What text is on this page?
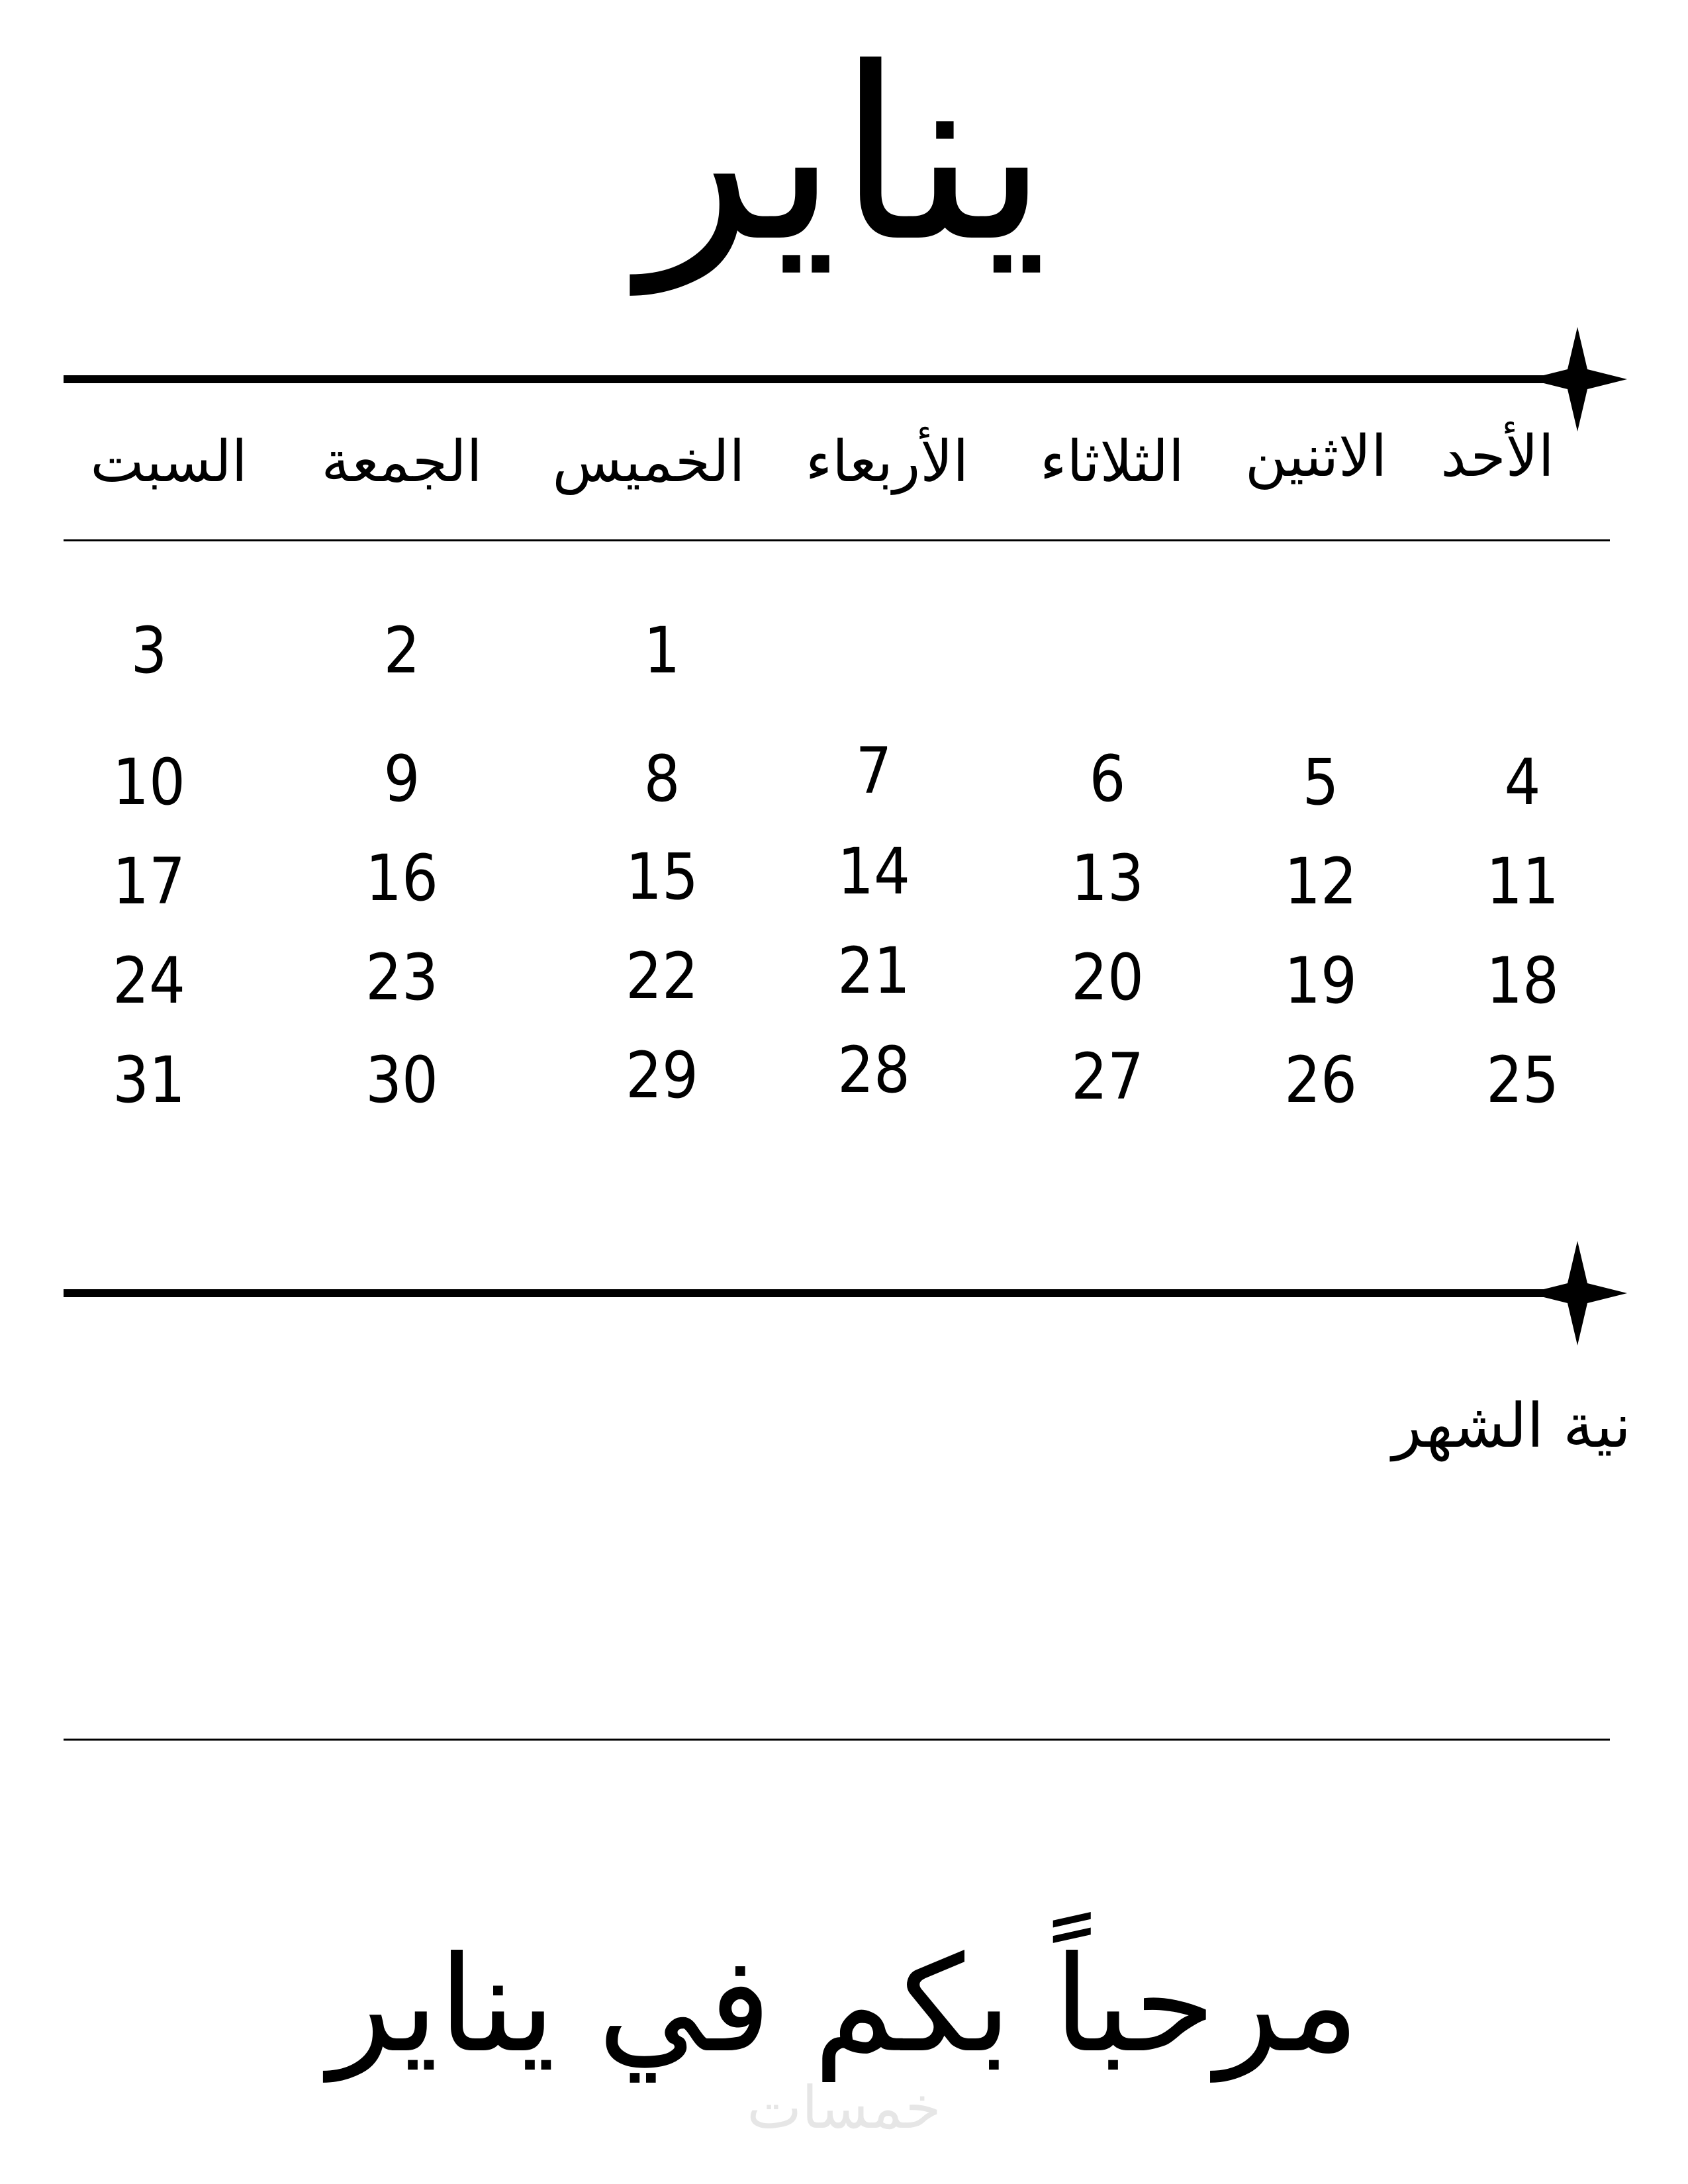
يناير
السبت	الجمعة	الخميس	الأربعاء	الثلاثاء	الاثنين الأحد
3	2	1
10	9	8	7	6	5	4
17	16	15	14	13	12	11
24	23	22	21	20	19	18
31	30	29	28	27	26	25
نية الشهر
مرحباً بكم في يناير
خمسات
